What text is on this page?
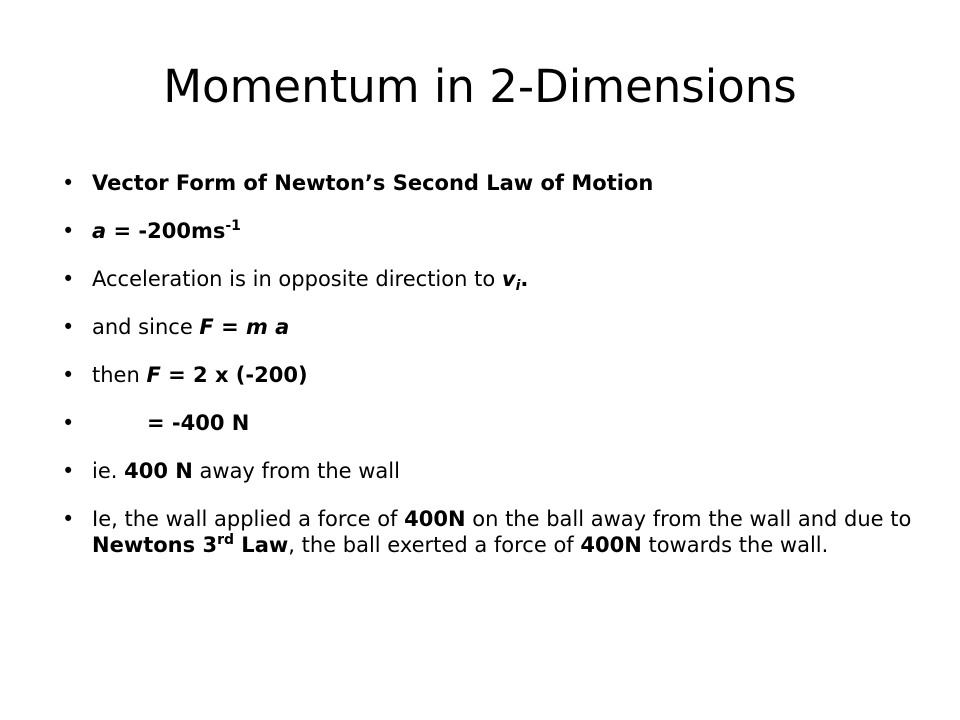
Momentum in 2-Dimensions
• Vector Form of Newton’s Second Law of Motion
• $a = -200ms^{-1}$
• Acceleration is in opposite direction to $v_i$.
• and since F = m a
• then F = 2 x (-200)
•	= -400 N
• ie. 400 N away from the wall
• Ie, the wall applied a force of 400N on the ball away from the wall and due to Newtons 3rd Law, the ball exerted a force of 400N towards the wall.
